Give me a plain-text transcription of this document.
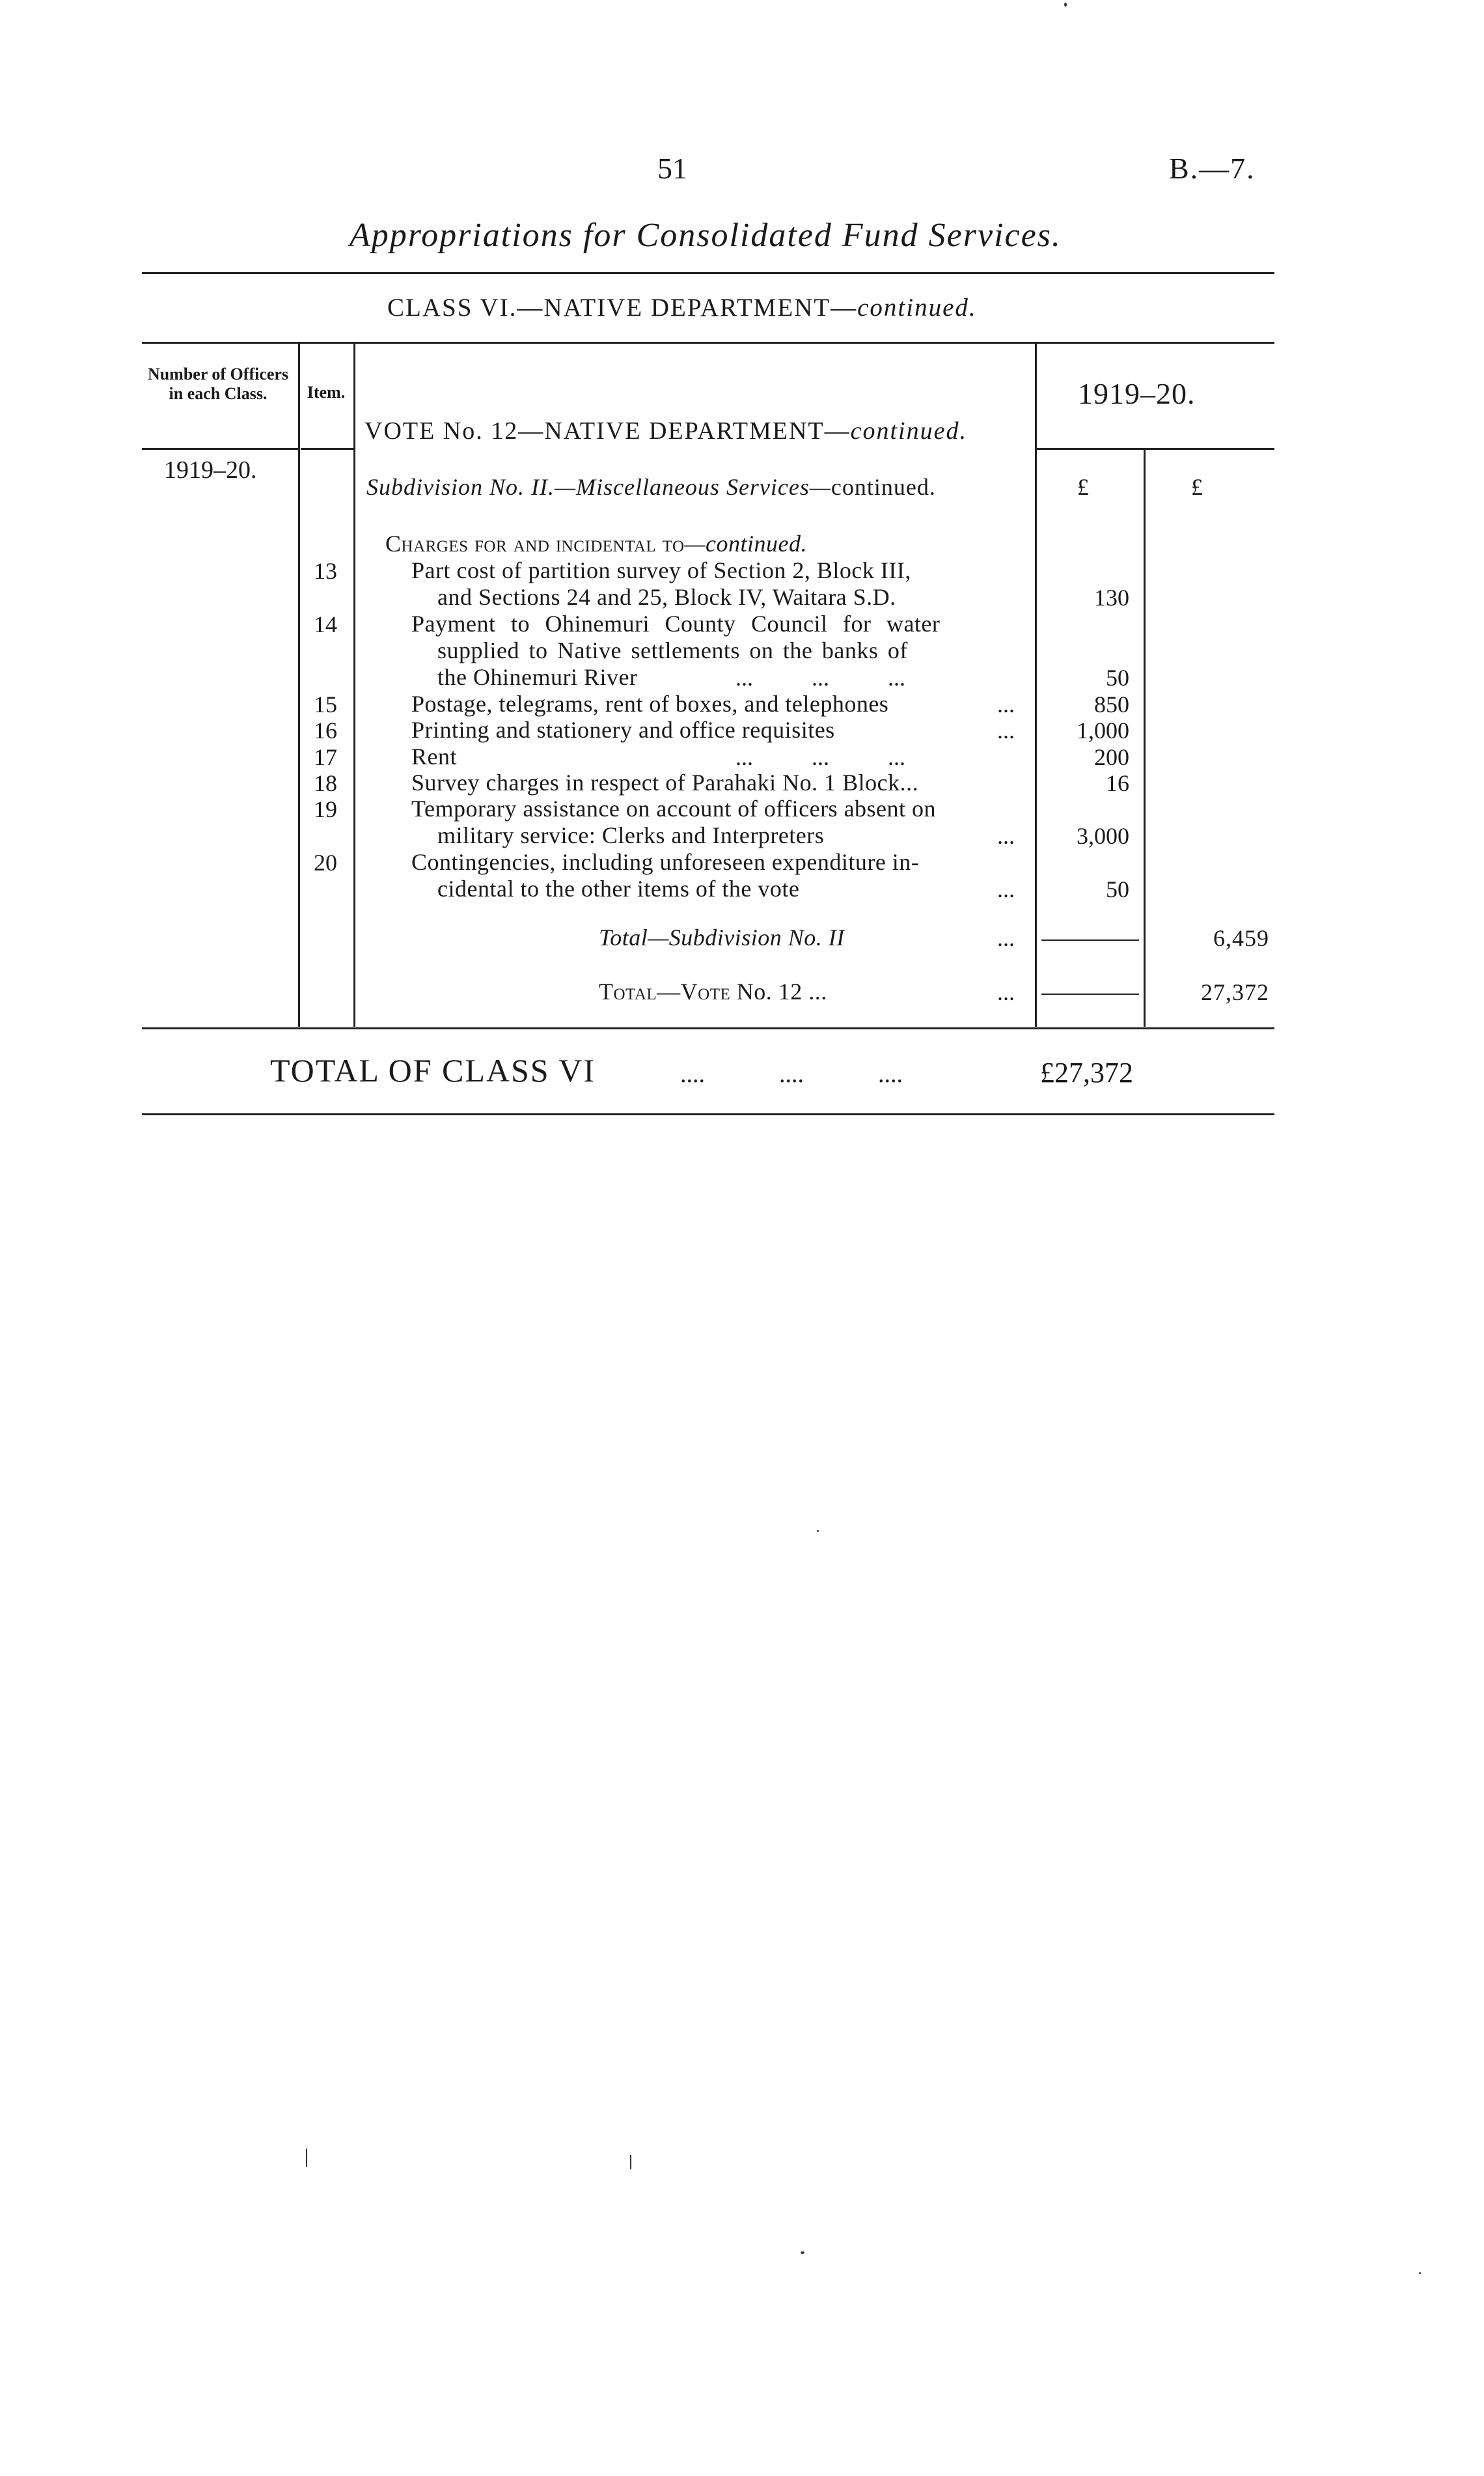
51	B.—7.
Appropriations for Consolidated Fund Services.
CLASS VI.—NATIVE DEPARTMENT—continued.
Number of Officers in each Class.	Item.	1919–20.
VOTE No. 12—NATIVE DEPARTMENT—continued.
1919–20.
Subdivision No. II.—Miscellaneous Services—continued.	£	£
Charges for and incidental to—continued.
13	Part cost of partition survey of Section 2, Block III,
and Sections 24 and 25, Block IV, Waitara S.D.	130
14	Payment to Ohinemuri County Council for water
supplied to Native settlements on the banks of
the Ohinemuri River	...          ...          ...	50
15	Postage, telegrams, rent of boxes, and telephones	...	850
16	Printing and stationery and office requisites	...	1,000
17	Rent	...          ...          ...	200
18	Survey charges in respect of Parahaki No. 1 Block...	16
19	Temporary assistance on account of officers absent on
military service: Clerks and Interpreters	...	3,000
20	Contingencies, including unforeseen expenditure in-
cidental to the other items of the vote	...	50
Total—Subdivision No. II	...	6,459
Total—Vote No. 12 ...	...	27,372
TOTAL OF CLASS VI	....            ....            ....	£27,372
